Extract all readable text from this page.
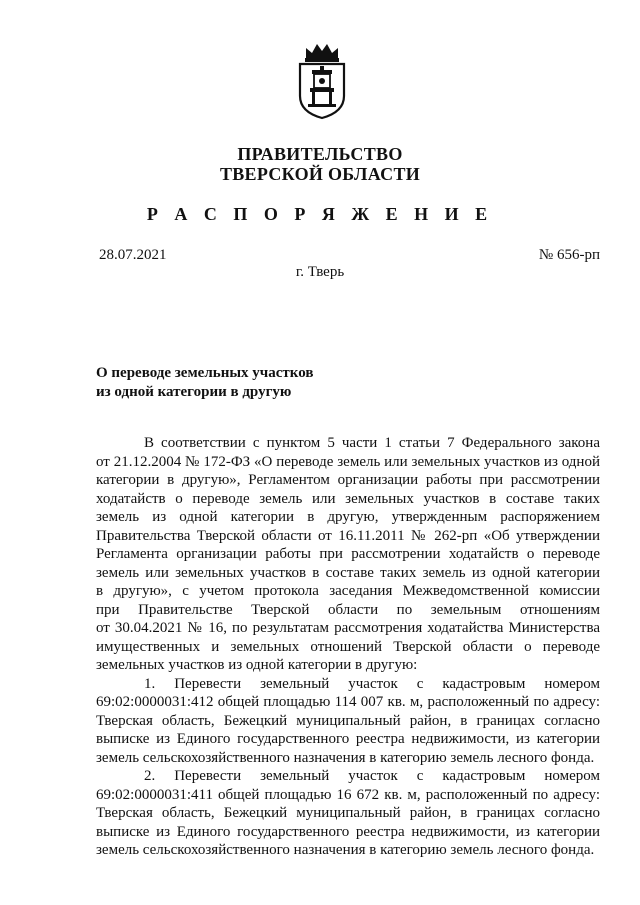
ПРАВИТЕЛЬСТВО
ТВЕРСКОЙ ОБЛАСТИ
Р А С П О Р Я Ж Е Н И Е
28.07.2021	№ 656-рп
г. Тверь
О переводе земельных участков
из одной категории в другую

В соответствии с пунктом 5 части 1 статьи 7 Федерального закона
от 21.12.2004 № 172-ФЗ «О переводе земель или земельных участков из одной
категории в другую», Регламентом организации работы при рассмотрении
ходатайств о переводе земель или земельных участков в составе таких
земель из одной категории в другую, утвержденным распоряжением
Правительства Тверской области от 16.11.2011 № 262-рп «Об утверждении
Регламента организации работы при рассмотрении ходатайств о переводе
земель или земельных участков в составе таких земель из одной категории
в другую», с учетом протокола заседания Межведомственной комиссии
при Правительстве Тверской области по земельным отношениям
от 30.04.2021 № 16, по результатам рассмотрения ходатайства Министерства
имущественных и земельных отношений Тверской области о переводе
земельных участков из одной категории в другую:

1. Перевести земельный участок с кадастровым номером
69:02:0000031:412 общей площадью 114 007 кв. м, расположенный по адресу:
Тверская область, Бежецкий муниципальный район, в границах согласно
выписке из Единого государственного реестра недвижимости, из категории
земель сельскохозяйственного назначения в категорию земель лесного фонда.

2. Перевести земельный участок с кадастровым номером
69:02:0000031:411 общей площадью 16 672 кв. м, расположенный по адресу:
Тверская область, Бежецкий муниципальный район, в границах согласно
выписке из Единого государственного реестра недвижимости, из категории
земель сельскохозяйственного назначения в категорию земель лесного фонда.
